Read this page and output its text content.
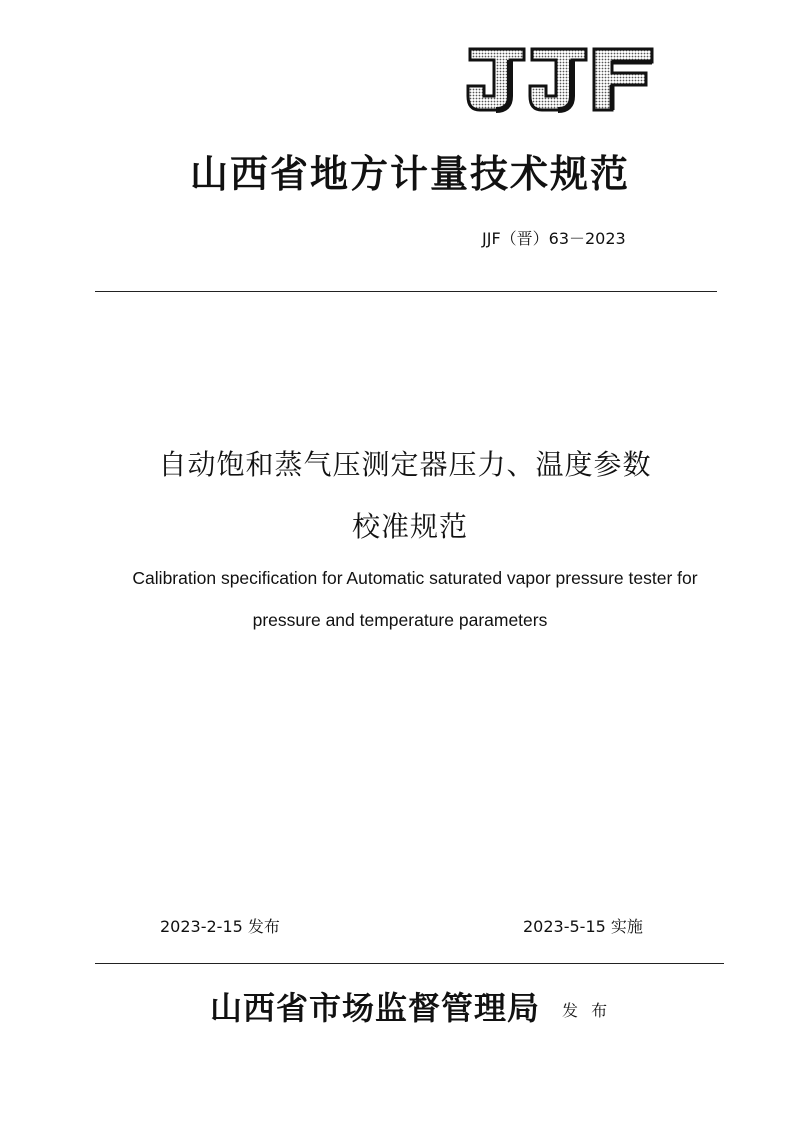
山西省地方计量技术规范
JJF（晋）63－2023
自动饱和蒸气压测定器压力、温度参数
校准规范
Calibration specification for Automatic saturated vapor pressure tester for
pressure and temperature parameters
2023-2-15 发布	2023-5-15 实施
山西省市场监督管理局 发 布
